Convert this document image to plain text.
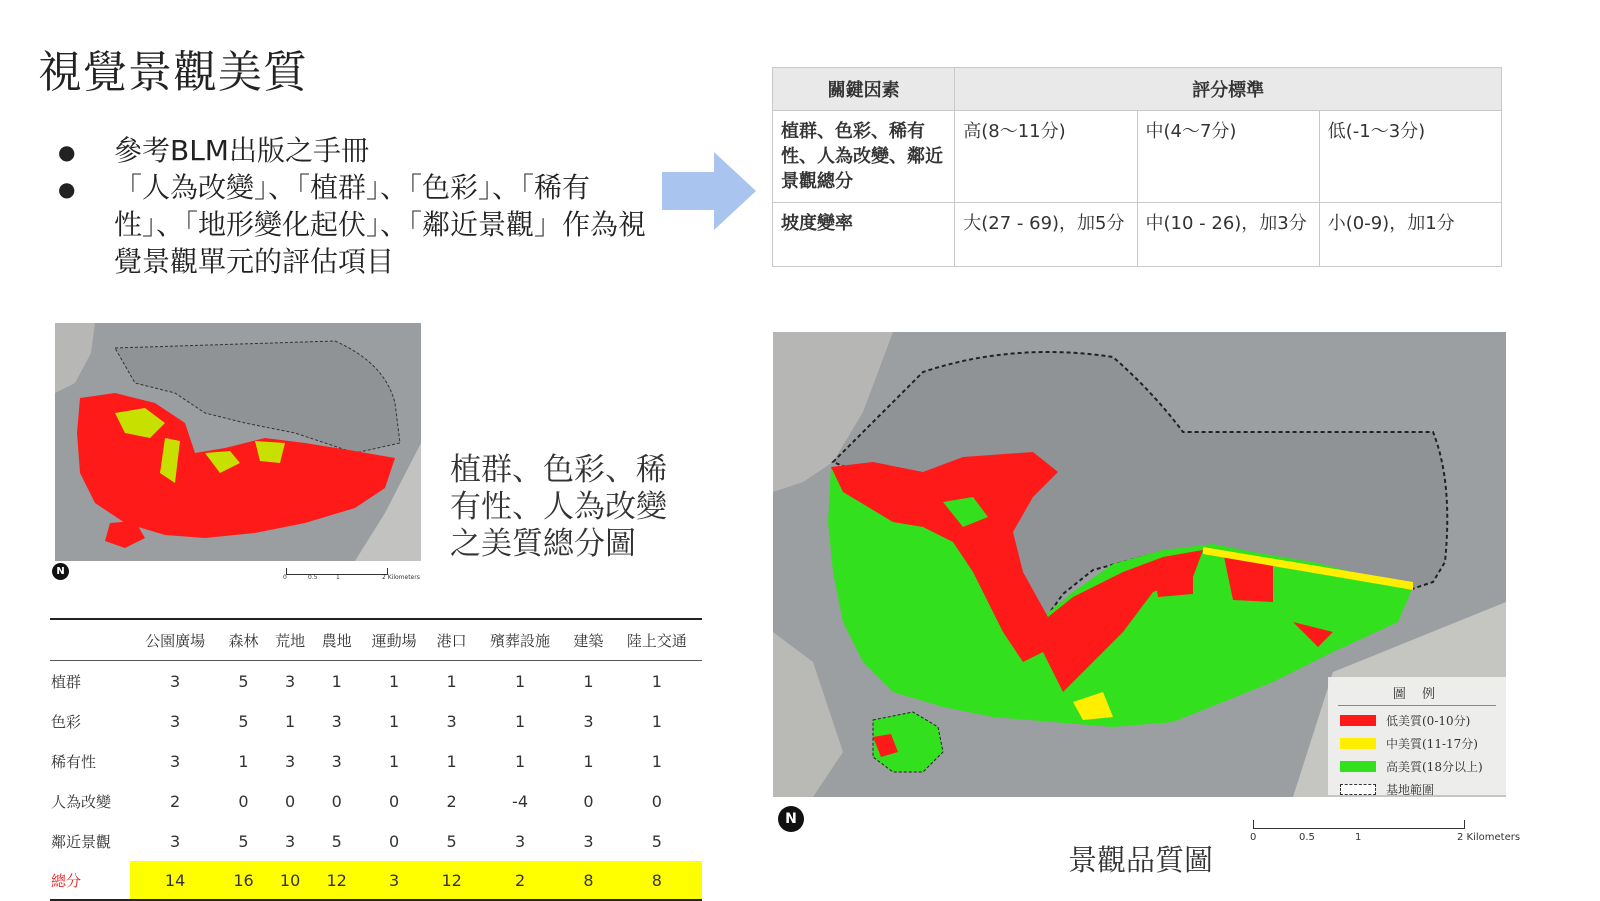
視覺景觀美質
● 參考BLM出版之手冊
● 「人為改變」、「植群」、「色彩」、「稀有性」、「地形變化起伏」、「鄰近景觀」作為視覺景觀單元的評估項目
關鍵因素	評分標準		
植群、色彩、稀有性、人為改變、鄰近景觀總分	高(8～11分)	中(4～7分)	低(-1～3分)
坡度變率	大(27 - 69)，加5分	中(10 - 26)，加3分	小(0-9)，加1分
N
0	0.5	1	2 Kilometers
植群、色彩、稀有性、人為改變之美質總分圖
	公園廣場	森林	荒地	農地	運動場	港口	殯葬設施	建築	陸上交通
植群	3	5	3	1	1	1	1	1	1
色彩	3	5	1	3	1	3	1	3	1
稀有性	3	1	3	3	1	1	1	1	1
人為改變	2	0	0	0	0	2	-4	0	0
鄰近景觀	3	5	3	5	0	5	3	3	5
總分	14	16	10	12	3	12	2	8	8
圖 例
低美質(0-10分)
中美質(11-17分)
高美質(18分以上)
基地範圍
N
0	0.5	1	2 Kilometers
景觀品質圖
